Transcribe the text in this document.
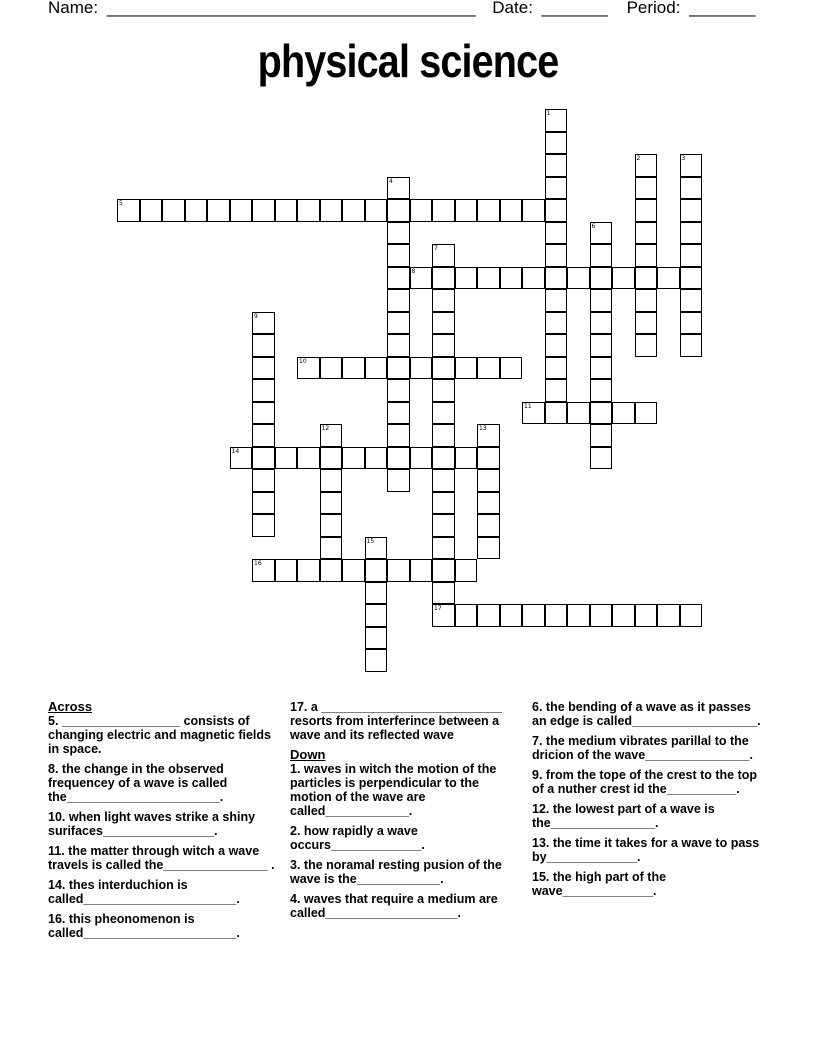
Name: _______________________________________ Date: _______ Period: _______
physical science
1
2	3
4
5
6
7
8
9
10
11
12	13
14
15
16
17
Across
5. _________________ consists of changing electric and magnetic fields in space.
8. the change in the observed frequencey of a wave is called the______________________.
10. when light waves strike a shiny surifaces________________.
11. the matter through witch a wave travels is called the_______________ .
14. thes interduchion is called______________________.
16. this pheonomenon is called______________________.
17. a __________________________ resorts from interferince between a wave and its reflected wave
Down
1. waves in witch the motion of the particles is perpendicular to the motion of the wave are called____________.
2. how rapidly a wave occurs_____________.
3. the noramal resting pusion of the wave is the____________.
4. waves that require a medium are called___________________.
6. the bending of a wave as it passes an edge is called__________________.
7. the medium vibrates parillal to the dricion of the wave_______________.
9. from the tope of the crest to the top of a nuther crest id the__________.
12. the lowest part of a wave is the_______________.
13. the time it takes for a wave to pass by_____________.
15. the high part of the wave_____________.
